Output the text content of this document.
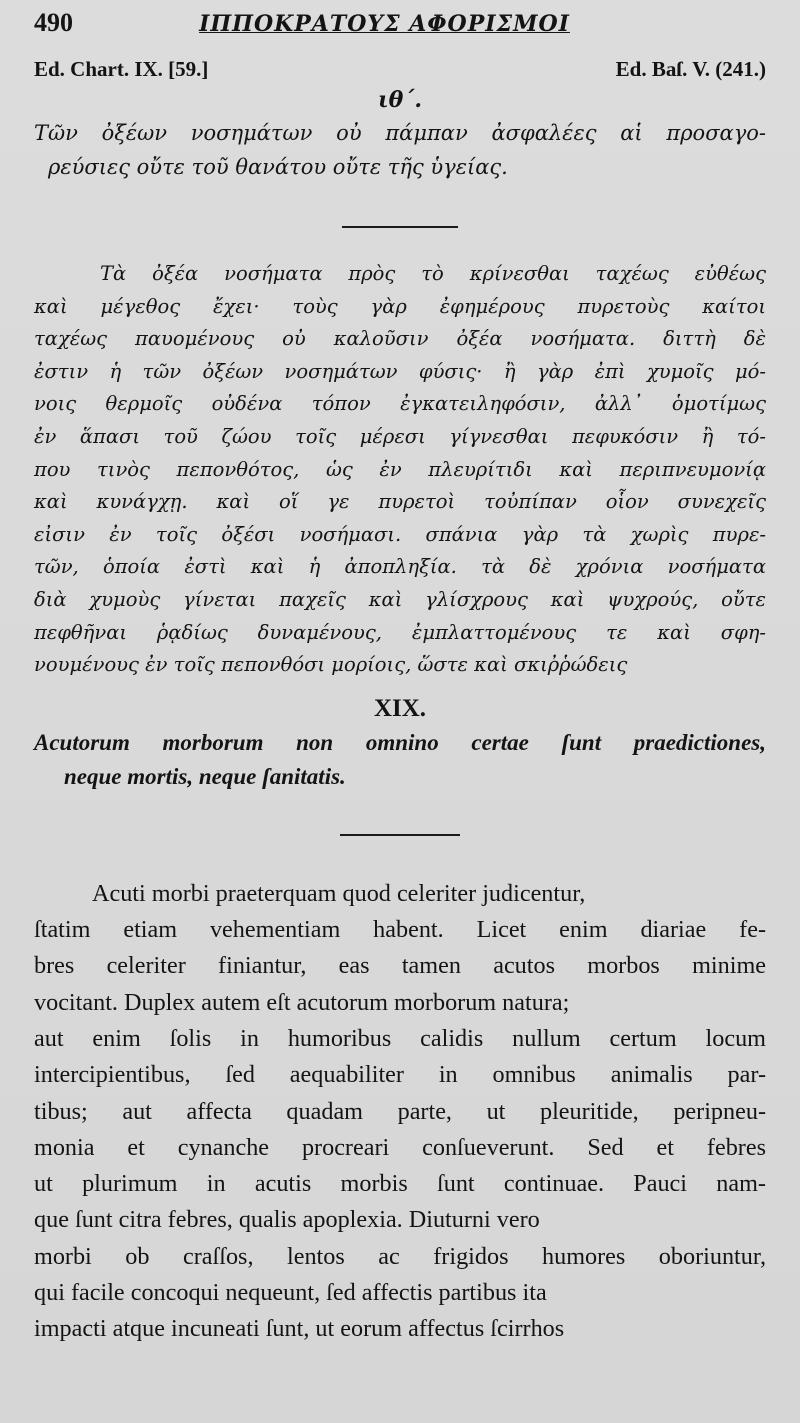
490	ΙΠΠΟΚΡΑΤΟΥΣ ΑΦΟΡΙΣΜΟΙ
Ed. Chart. IX. [59.]	Ed. Baſ. V. (241.)
ιθ΄.

Τῶν ὀξέων νοσημάτων οὐ πάμπαν ἀσφαλέες αἱ προσαγο-
ρεύσιες οὔτε τοῦ θανάτου οὔτε τῆς ὑγείας.

Τὰ ὀξέα νοσήματα πρὸς τὸ κρίνεσθαι ταχέως εὐθέως
καὶ μέγεθος ἔχει· τοὺς γὰρ ἐφημέρους πυρετοὺς καίτοι
ταχέως παυομένους οὐ καλοῦσιν ὀξέα νοσήματα. διττὴ δὲ
ἐστιν ἡ τῶν ὀξέων νοσημάτων φύσις· ἢ γὰρ ἐπὶ χυμοῖς μό-
νοις θερμοῖς οὐδένα τόπον ἐγκατειληφόσιν, ἀλλ᾽ ὁμοτίμως
ἐν ἅπασι τοῦ ζώου τοῖς μέρεσι γίγνεσθαι πεφυκόσιν ἢ τό-
που τινὸς πεπονθότος, ὡς ἐν πλευρίτιδι καὶ περιπνευμονίᾳ
καὶ κυνάγχῃ. καὶ οἵ γε πυρετοὶ τοὐπίπαν οἷον συνεχεῖς
εἰσιν ἐν τοῖς ὀξέσι νοσήμασι. σπάνια γὰρ τὰ χωρὶς πυρε-
τῶν, ὁποία ἐστὶ καὶ ἡ ἀποπληξία. τὰ δὲ χρόνια νοσήματα
διὰ χυμοὺς γίνεται παχεῖς καὶ γλίσχρους καὶ ψυχρούς, οὔτε
πεφθῆναι ῥᾳδίως δυναμένους, ἐμπλαττομένους τε καὶ σφη-
νουμένους ἐν τοῖς πεπονθόσι μορίοις, ὥστε καὶ σκιῤῥώδεις

XIX.

Acutorum morborum non omnino certae ſunt praedictiones,
neque mortis, neque ſanitatis.

Acuti morbi praeterquam quod celeriter judicentur,
ſtatim etiam vehementiam habent. Licet enim diariae fe-
bres celeriter finiantur, eas tamen acutos morbos minime
vocitant. Duplex autem eſt acutorum morborum natura;
aut enim ſolis in humoribus calidis nullum certum locum
intercipientibus, ſed aequabiliter in omnibus animalis par-
tibus; aut affecta quadam parte, ut pleuritide, peripneu-
monia et cynanche procreari conſueverunt. Sed et febres
ut plurimum in acutis morbis ſunt continuae. Pauci nam-
que ſunt citra febres, qualis apoplexia. Diuturni vero
morbi ob craſſos, lentos ac frigidos humores oboriuntur,
qui facile concoqui nequeunt, ſed affectis partibus ita
impacti atque incuneati ſunt, ut eorum affectus ſcirrhos
